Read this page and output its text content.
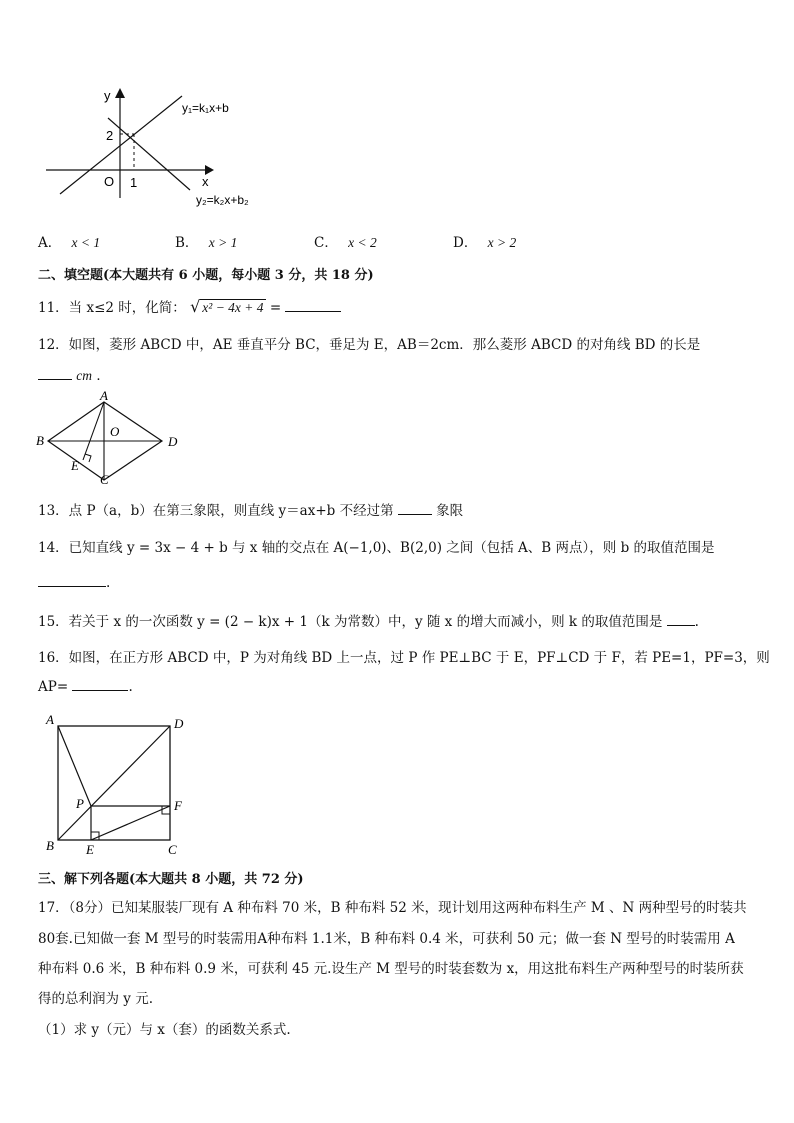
y
x
O
2
1
y₁=k₁x+b
y₂=k₂x+b₂
A． x < 1	B． x > 1	C． x < 2	D． x > 2
二、填空题(本大题共有 6 小题，每小题 3 分，共 18 分)
11．当 x≤2 时，化简： √ x² − 4x + 4 =
12．如图，菱形 ABCD 中，AE 垂直平分 BC，垂足为 E，AB＝2cm．那么菱形 ABCD 的对角线 BD 的长是
cm ．
A
B
C
D
E
O
13．点 P（a，b）在第三象限，则直线 y＝ax+b 不经过第	象限
14．已知直线 y = 3x − 4 + b 与 x 轴的交点在 A(−1,0)、B(2,0) 之间（包括 A、B 两点），则 b 的取值范围是
.
15．若关于 x 的一次函数 y = (2 − k)x + 1（k 为常数）中，y 随 x 的增大而减小，则 k 的取值范围是 .
16．如图，在正方形 ABCD 中，P 为对角线 BD 上一点，过 P 作 PE⊥BC 于 E，PF⊥CD 于 F，若 PE=1，PF=3，则
AP=	.
A
B	C
D
E
F
P
三、解下列各题(本大题共 8 小题，共 72 分)
17．（8分）已知某服装厂现有 A 种布料 70 米，B 种布料 52 米，现计划用这两种布料生产 M 、N 两种型号的时装共
80套.已知做一套 M 型号的时装需用A种布料 1.1米，B 种布料 0.4 米，可获利 50 元；做一套 N 型号的时装需用 A
种布料 0.6 米，B 种布料 0.9 米，可获利 45 元.设生产 M 型号的时装套数为 x，用这批布料生产两种型号的时装所获
得的总利润为 y 元.
（1）求 y（元）与 x（套）的函数关系式.
